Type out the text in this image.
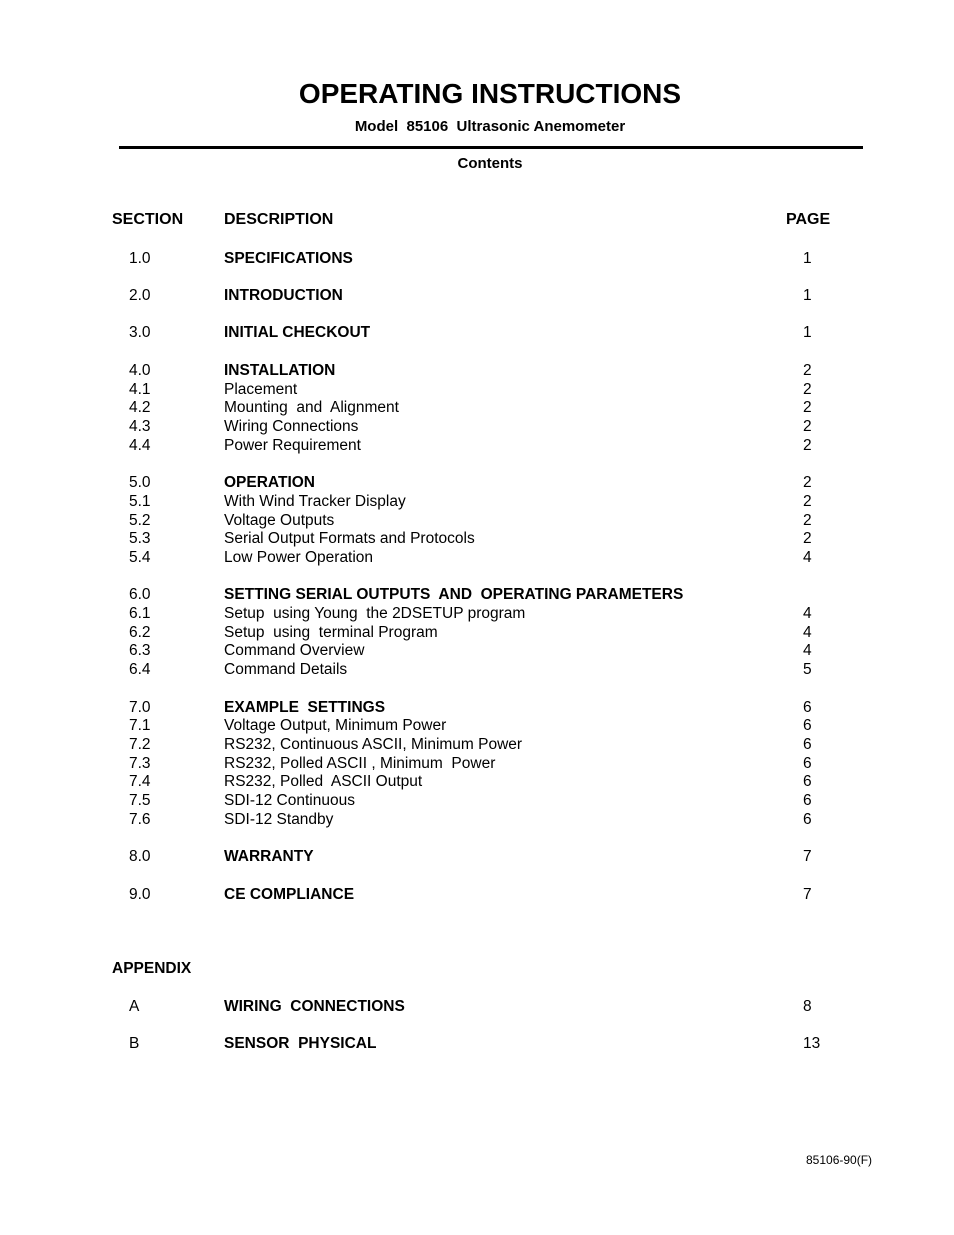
OPERATING INSTRUCTIONS
Model  85106  Ultrasonic Anemometer
Contents
SECTION	DESCRIPTION	PAGE
1.0	SPECIFICATIONS	1
2.0	INTRODUCTION	1
3.0	INITIAL CHECKOUT	1
4.0	INSTALLATION	2
4.1	Placement	2
4.2	Mounting  and  Alignment	2
4.3	Wiring Connections	2
4.4	Power Requirement	2
5.0	OPERATION	2
5.1	With Wind Tracker Display	2
5.2	Voltage Outputs	2
5.3	Serial Output Formats and Protocols	2
5.4	Low Power Operation	4
6.0	SETTING SERIAL OUTPUTS  AND  OPERATING PARAMETERS
6.1	Setup  using Young  the 2DSETUP program	4
6.2	Setup  using  terminal Program	4
6.3	Command Overview	4
6.4	Command Details	5
7.0	EXAMPLE  SETTINGS	6
7.1	Voltage Output, Minimum Power	6
7.2	RS232, Continuous ASCII, Minimum Power	6
7.3	RS232, Polled ASCII , Minimum  Power	6
7.4	RS232, Polled  ASCII Output	6
7.5	SDI-12 Continuous	6
7.6	SDI-12 Standby	6
8.0	WARRANTY	7
9.0	CE COMPLIANCE	7
APPENDIX
A	WIRING  CONNECTIONS	8
B	SENSOR  PHYSICAL	13
85106-90(F)
